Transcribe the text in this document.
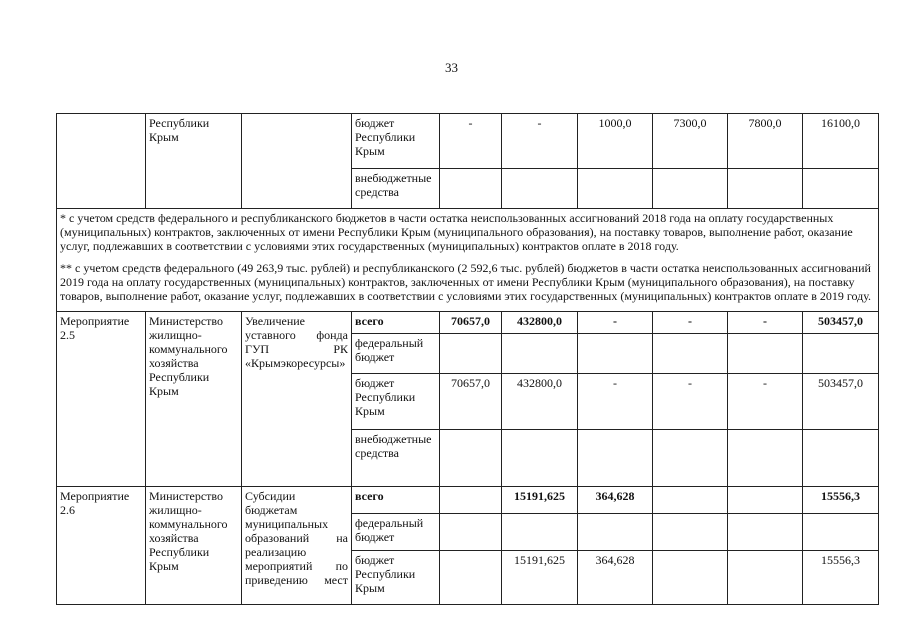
33
	Республики Крым		бюджет Республики Крым	-	-	1000,0	7300,0	7800,0	16100,0
			внебюджетные средства						

* с учетом средств федерального и республиканского бюджетов в части остатка неиспользованных ассигнований 2018 года на оплату государственных (муниципальных) контрактов, заключенных от имени Республики Крым (муниципального образования), на поставку товаров, выполнение работ, оказание услуг, подлежавших в соответствии с условиями этих государственных (муниципальных) контрактов оплате в 2018 году.

** с учетом средств федерального (49 263,9 тыс. рублей) и республиканского (2 592,6 тыс. рублей) бюджетов в части остатка неиспользованных ассигнований 2019 года на оплату государственных (муниципальных) контрактов, заключенных от имени Республики Крым (муниципального образования), на поставку товаров, выполнение работ, оказание услуг, подлежавших в соответствии с условиями этих государственных (муниципальных) контрактов оплате в 2019 году.									

Мероприятие 2.5	Министерство жилищно-коммунального хозяйства Республики Крым	Увеличение уставного фонда ГУП РК «Крымэкоресурсы»	всего	70657,0	432800,0	-	-	-	503457,0
			федеральный бюджет						
			бюджет Республики Крым	70657,0	432800,0	-	-	-	503457,0
			внебюджетные средства						
Мероприятие 2.6	Министерство жилищно-коммунального хозяйства Республики Крым	Субсидии бюджетам муниципальных образований на реализацию мероприятий по приведению мест	всего		15191,625	364,628			15556,3
			федеральный бюджет						
			бюджет Республики Крым		15191,625	364,628			15556,3
